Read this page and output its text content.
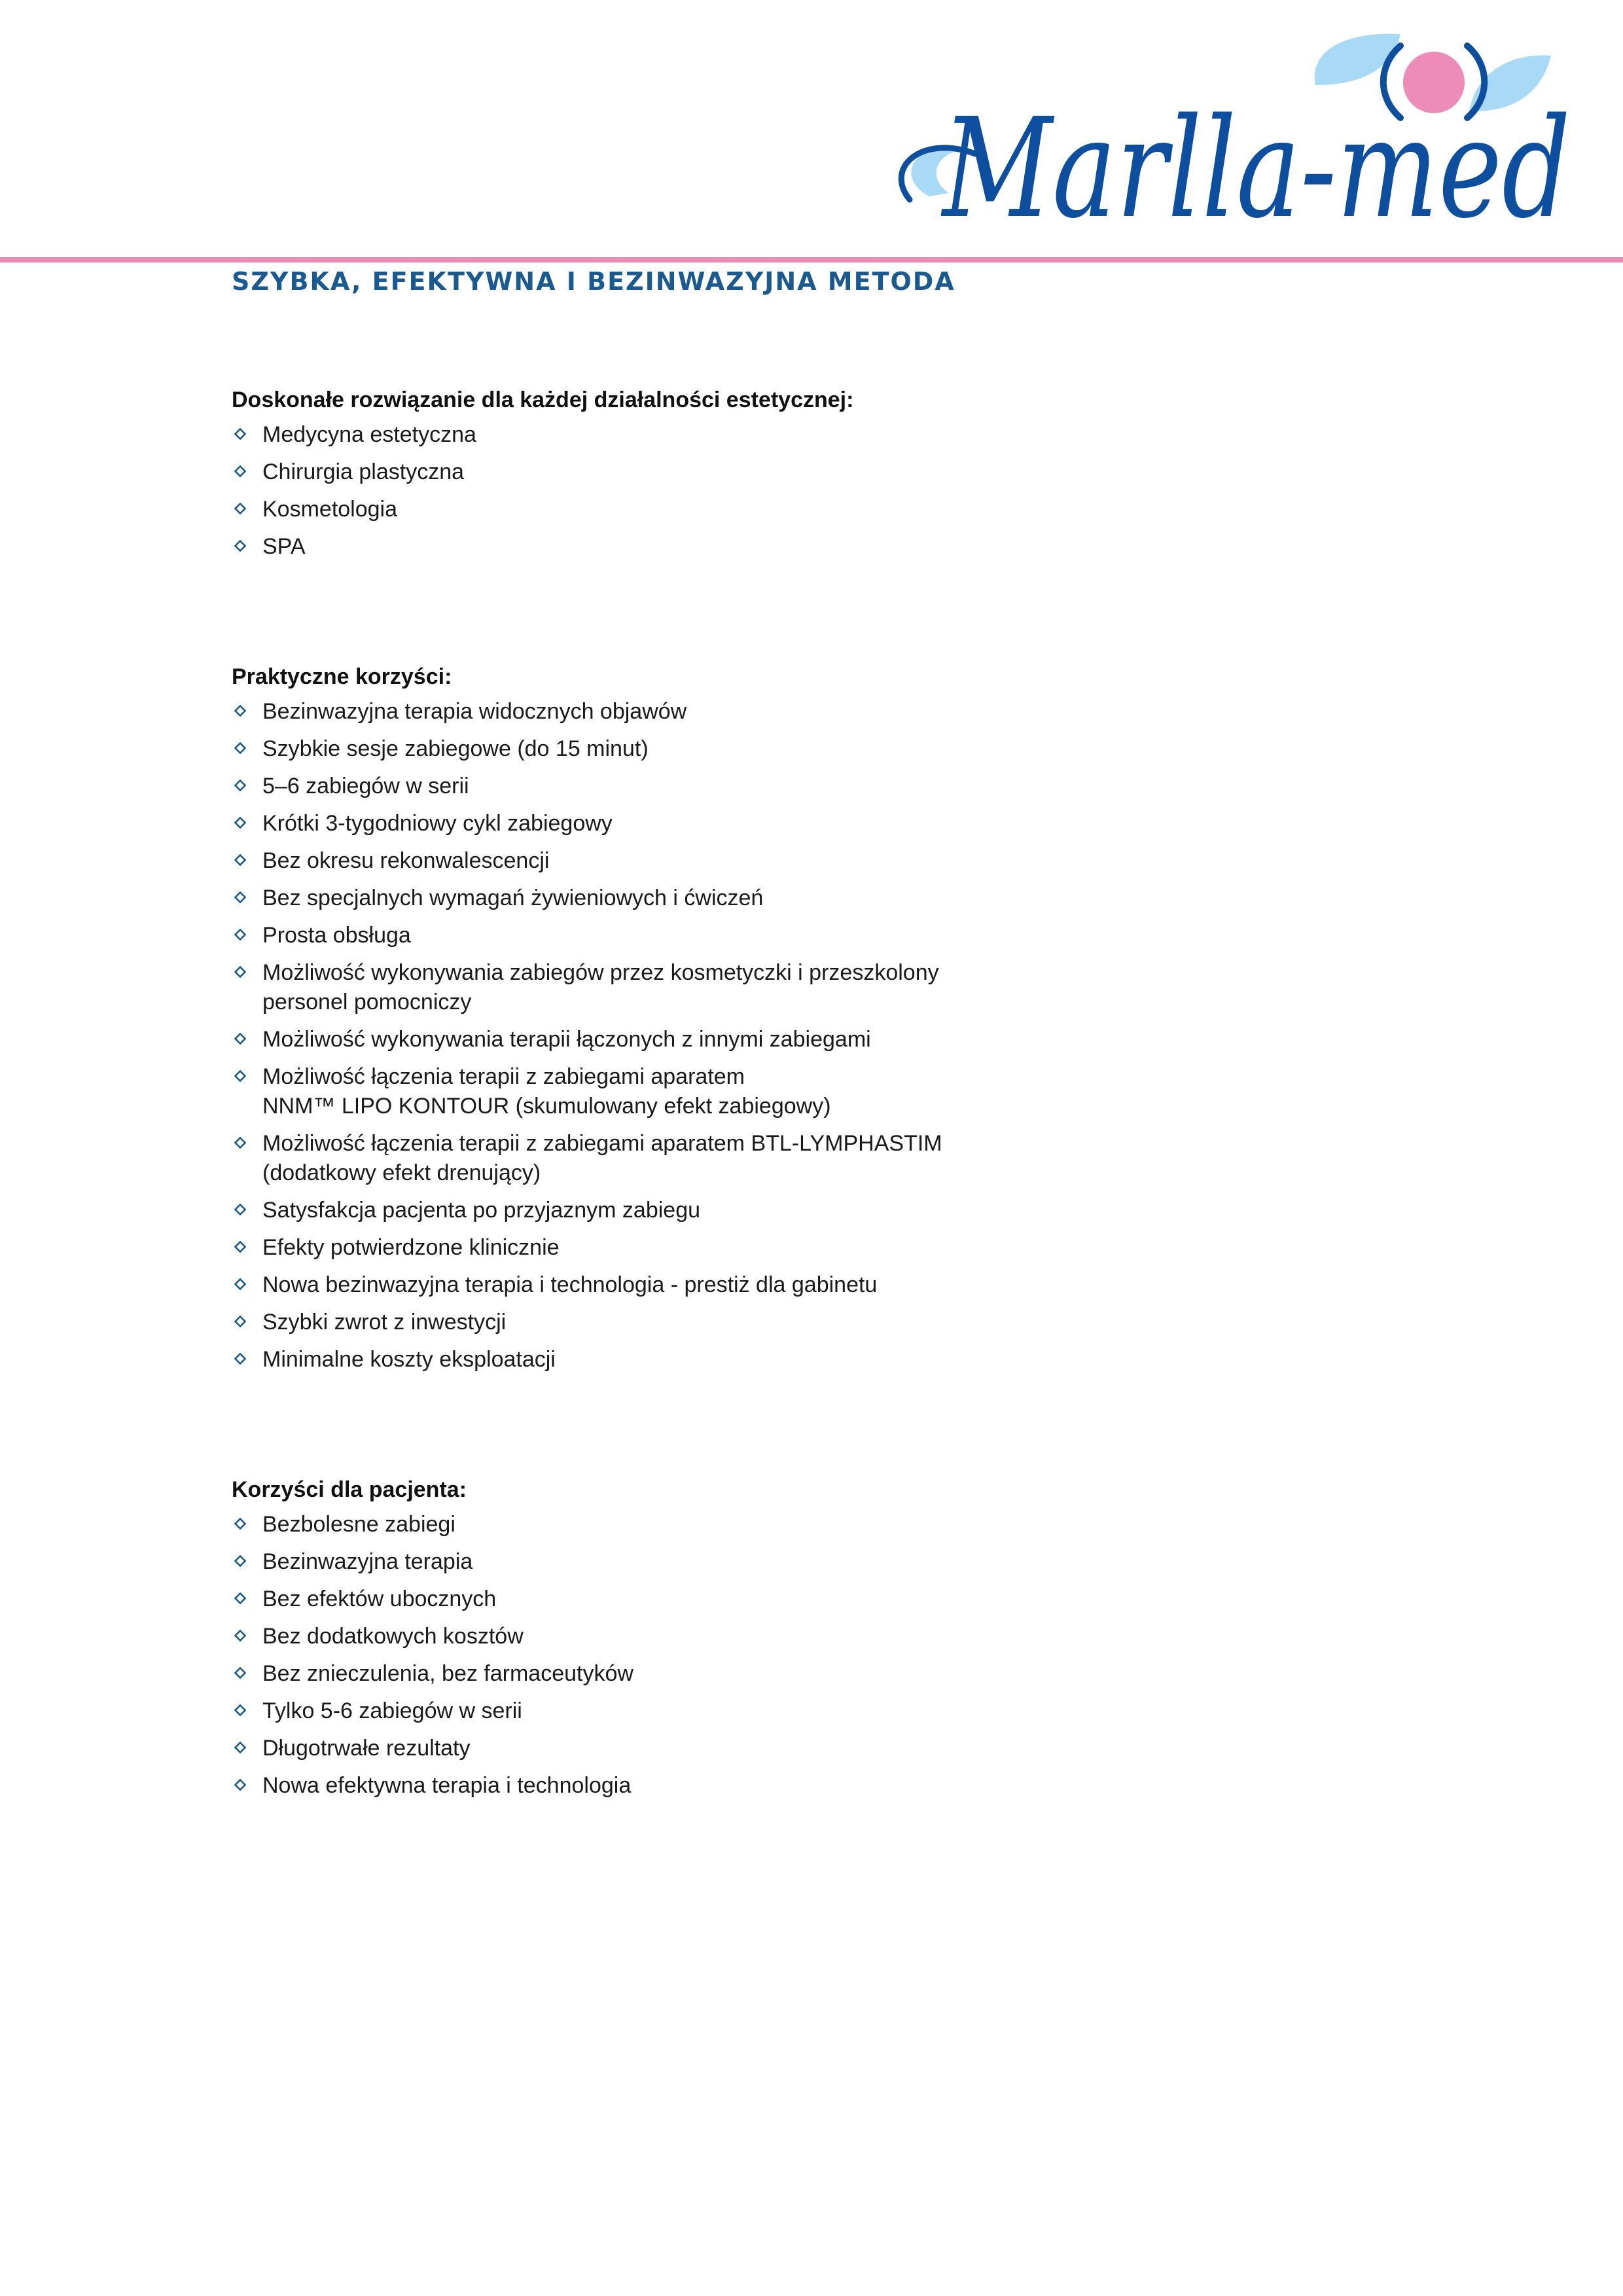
Marlla-med
SZYBKA, EFEKTYWNA I BEZINWAZYJNA METODA
Doskonałe rozwiązanie dla każdej działalności estetycznej:
Medycyna estetyczna
Chirurgia plastyczna
Kosmetologia
SPA
Praktyczne korzyści:
Bezinwazyjna terapia widocznych objawów
Szybkie sesje zabiegowe (do 15 minut)
5–6 zabiegów w serii
Krótki 3-tygodniowy cykl zabiegowy
Bez okresu rekonwalescencji
Bez specjalnych wymagań żywieniowych i ćwiczeń
Prosta obsługa
Możliwość wykonywania zabiegów przez kosmetyczki i przeszkolony
personel pomocniczy
Możliwość wykonywania terapii łączonych z innymi zabiegami
Możliwość łączenia terapii z zabiegami aparatem
NNM™ LIPO KONTOUR (skumulowany efekt zabiegowy)
Możliwość łączenia terapii z zabiegami aparatem BTL-LYMPHASTIM
(dodatkowy efekt drenujący)
Satysfakcja pacjenta po przyjaznym zabiegu
Efekty potwierdzone klinicznie
Nowa bezinwazyjna terapia i technologia - prestiż dla gabinetu
Szybki zwrot z inwestycji
Minimalne koszty eksploatacji
Korzyści dla pacjenta:
Bezbolesne zabiegi
Bezinwazyjna terapia
Bez efektów ubocznych
Bez dodatkowych kosztów
Bez znieczulenia, bez farmaceutyków
Tylko 5-6 zabiegów w serii
Długotrwałe rezultaty
Nowa efektywna terapia i technologia
